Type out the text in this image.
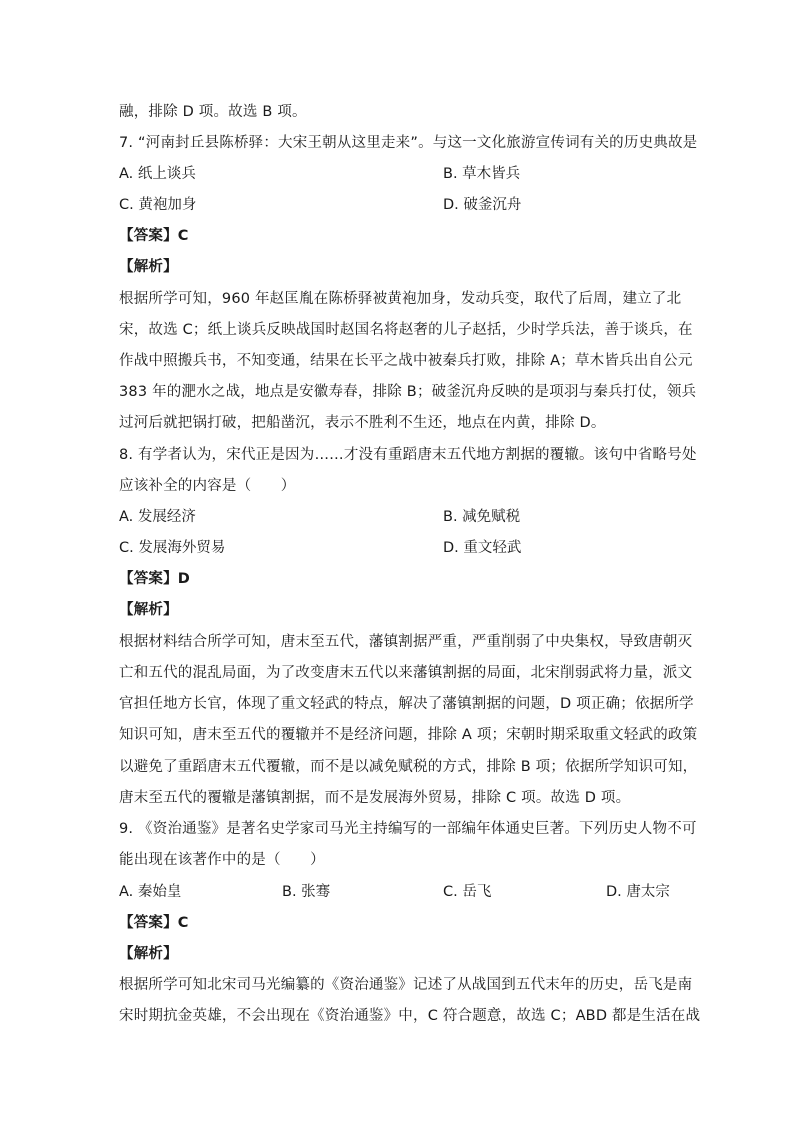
融，排除 D 项。故选 B 项。
7. “河南封丘县陈桥驿：大宋王朝从这里走来”。与这一文化旅游宣传词有关的历史典故是
A. 纸上谈兵	B. 草木皆兵
C. 黄袍加身	D. 破釜沉舟
【答案】C
【解析】
根据所学可知，960 年赵匡胤在陈桥驿被黄袍加身，发动兵变，取代了后周，建立了北
宋，故选 C；纸上谈兵反映战国时赵国名将赵奢的儿子赵括，少时学兵法，善于谈兵，在
作战中照搬兵书，不知变通，结果在长平之战中被秦兵打败，排除 A；草木皆兵出自公元
383 年的淝水之战，地点是安徽寿春，排除 B；破釜沉舟反映的是项羽与秦兵打仗，领兵
过河后就把锅打破，把船凿沉，表示不胜利不生还，地点在内黄，排除 D。
8. 有学者认为，宋代正是因为……才没有重蹈唐末五代地方割据的覆辙。该句中省略号处
应该补全的内容是（　　）
A. 发展经济	B. 减免赋税
C. 发展海外贸易	D. 重文轻武
【答案】D
【解析】
根据材料结合所学可知，唐末至五代，藩镇割据严重，严重削弱了中央集权，导致唐朝灭
亡和五代的混乱局面，为了改变唐末五代以来藩镇割据的局面，北宋削弱武将力量，派文
官担任地方长官，体现了重文轻武的特点，解决了藩镇割据的问题，D 项正确；依据所学
知识可知，唐末至五代的覆辙并不是经济问题，排除 A 项；宋朝时期采取重文轻武的政策
以避免了重蹈唐末五代覆辙，而不是以减免赋税的方式，排除 B 项；依据所学知识可知，
唐末至五代的覆辙是藩镇割据，而不是发展海外贸易，排除 C 项。故选 D 项。
9. 《资治通鉴》是著名史学家司马光主持编写的一部编年体通史巨著。下列历史人物不可
能出现在该著作中的是（　　）
A. 秦始皇	B. 张骞	C. 岳飞	D. 唐太宗
【答案】C
【解析】
根据所学可知北宋司马光编纂的《资治通鉴》记述了从战国到五代末年的历史，岳飞是南
宋时期抗金英雄，不会出现在《资治通鉴》中，C 符合题意，故选 C；ABD 都是生活在战
